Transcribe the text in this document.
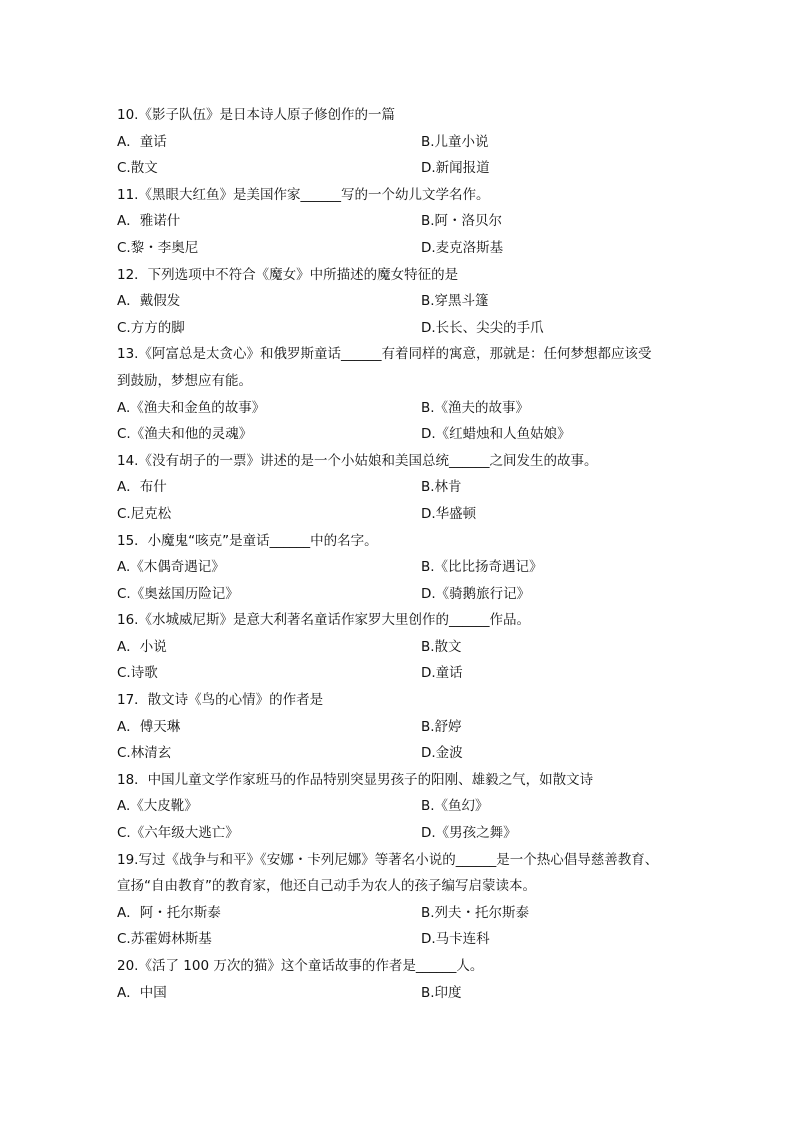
10.《影子队伍》是日本诗人原子修创作的一篇
A．童话	B.儿童小说
C.散文	D.新闻报道
11.《黑眼大红鱼》是美国作家______写的一个幼儿文学名作。
A．雅诺什	B.阿・洛贝尔
C.黎・李奥尼	D.麦克洛斯基
12．下列选项中不符合《魔女》中所描述的魔女特征的是
A．戴假发	B.穿黑斗篷
C.方方的脚	D.长长、尖尖的手爪
13.《阿富总是太贪心》和俄罗斯童话______有着同样的寓意，那就是：任何梦想都应该受
到鼓励，梦想应有能。
A.《渔夫和金鱼的故事》	B.《渔夫的故事》
C.《渔夫和他的灵魂》	D.《红蜡烛和人鱼姑娘》
14.《没有胡子的一票》讲述的是一个小姑娘和美国总统______之间发生的故事。
A．布什	B.林肯
C.尼克松	D.华盛顿
15．小魔鬼“咳克”是童话______中的名字。
A.《木偶奇遇记》	B.《比比扬奇遇记》
C.《奥兹国历险记》	D.《骑鹅旅行记》
16.《水城威尼斯》是意大利著名童话作家罗大里创作的______作品。
A．小说	B.散文
C.诗歌	D.童话
17．散文诗《鸟的心情》的作者是
A．傅天琳	B.舒婷
C.林清玄	D.金波
18．中国儿童文学作家班马的作品特别突显男孩子的阳刚、雄毅之气，如散文诗
A.《大皮靴》	B.《鱼幻》
C.《六年级大逃亡》	D.《男孩之舞》
19.写过《战争与和平》《安娜・卡列尼娜》等著名小说的______是一个热心倡导慈善教育、
宣扬“自由教育”的教育家，他还自己动手为农人的孩子编写启蒙读本。
A．阿・托尔斯泰	B.列夫・托尔斯泰
C.苏霍姆林斯基	D.马卡连科
20.《活了 100 万次的猫》这个童话故事的作者是______人。
A．中国	B.印度
